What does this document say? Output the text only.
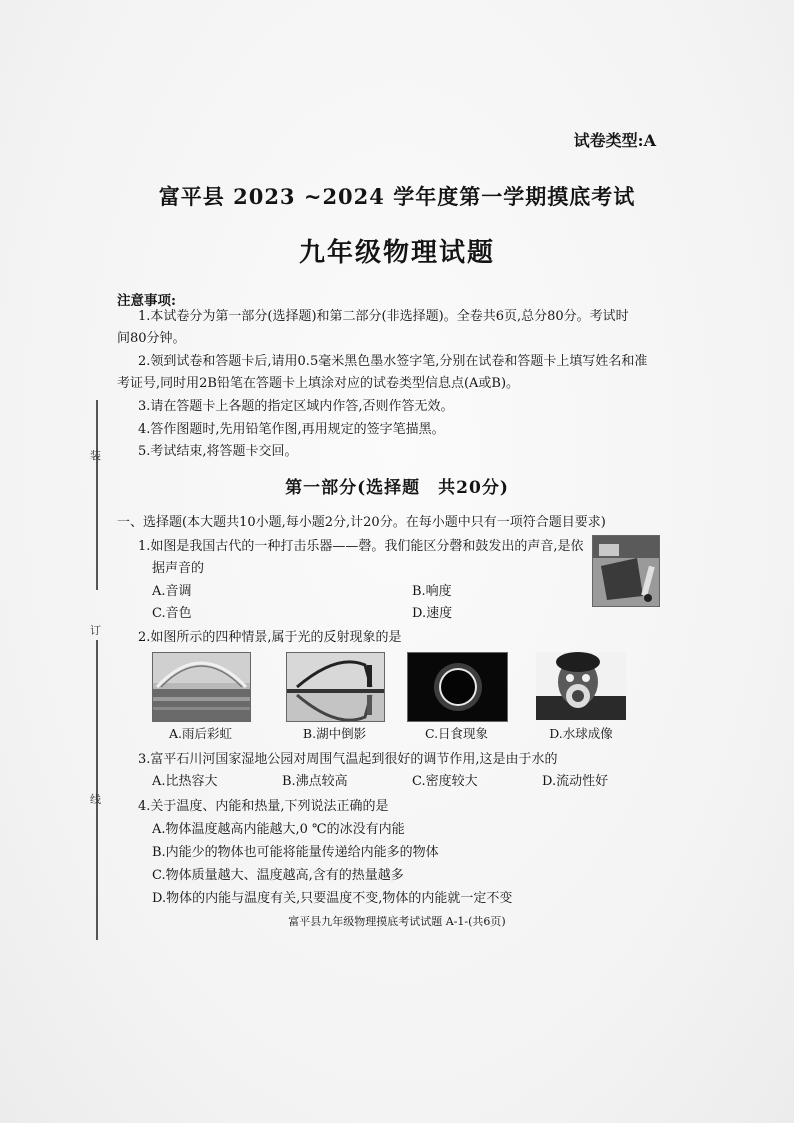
装
订
线
试卷类型:A
富平县 2023 ~2024 学年度第一学期摸底考试
九年级物理试题
注意事项:
1.本试卷分为第一部分(选择题)和第二部分(非选择题)。全卷共6页,总分80分。考试时
间80分钟。
2.领到试卷和答题卡后,请用0.5毫米黑色墨水签字笔,分别在试卷和答题卡上填写姓名和准
考证号,同时用2B铅笔在答题卡上填涂对应的试卷类型信息点(A或B)。
3.请在答题卡上各题的指定区域内作答,否则作答无效。
4.答作图题时,先用铅笔作图,再用规定的签字笔描黑。
5.考试结束,将答题卡交回。
第一部分(选择题　共20分)
一、选择题(本大题共10小题,每小题2分,计20分。在每小题中只有一项符合题目要求)
1.如图是我国古代的一种打击乐器——磬。我们能区分磬和鼓发出的声音,是依
据声音的
A.音调	B.响度
C.音色	D.速度
2.如图所示的四种情景,属于光的反射现象的是
A.雨后彩虹	B.湖中倒影	C.日食现象	D.水球成像
3.富平石川河国家湿地公园对周围气温起到很好的调节作用,这是由于水的
A.比热容大	B.沸点较高	C.密度较大	D.流动性好
4.关于温度、内能和热量,下列说法正确的是
A.物体温度越高内能越大,0 ℃的冰没有内能
B.内能少的物体也可能将能量传递给内能多的物体
C.物体质量越大、温度越高,含有的热量越多
D.物体的内能与温度有关,只要温度不变,物体的内能就一定不变
富平县九年级物理摸底考试试题 A-1-(共6页)
